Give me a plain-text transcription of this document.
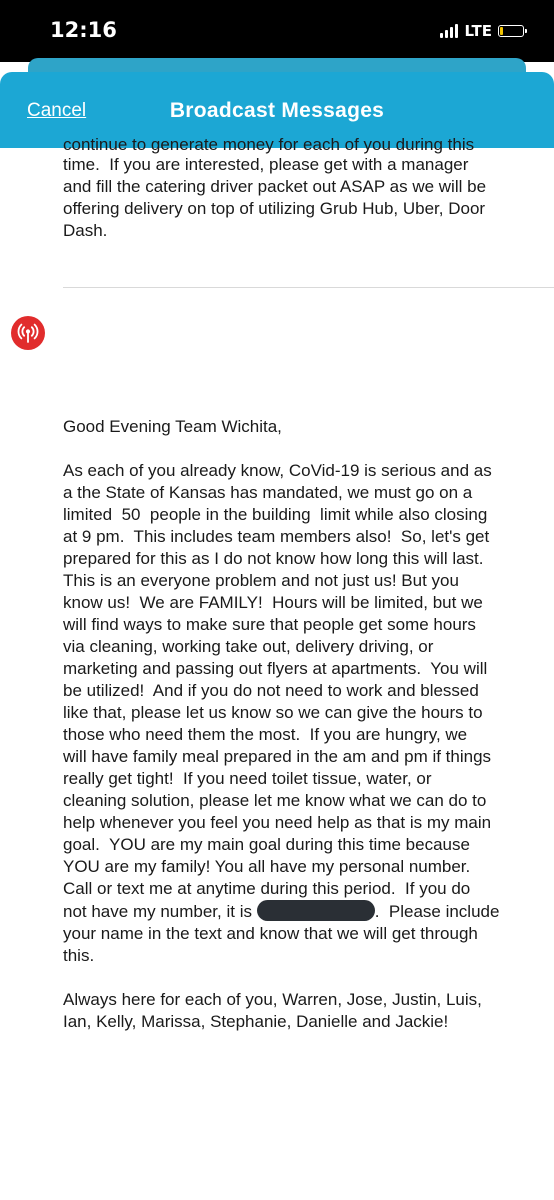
12:16	LTE
Cancel	Broadcast Messages

continue to generate money for each of you during this

time.  If you are interested, please get with a manager
and fill the catering driver packet out ASAP as we will be
offering delivery on top of utilizing Grub Hub, Uber, Door
Dash.

Good Evening Team Wichita,

As each of you already know, CoVid-19 is serious and as
a the State of Kansas has mandated, we must go on a
limited  50  people in the building  limit while also closing
at 9 pm.  This includes team members also!  So, let's get
prepared for this as I do not know how long this will last.
This is an everyone problem and not just us! But you
know us!  We are FAMILY!  Hours will be limited, but we
will find ways to make sure that people get some hours
via cleaning, working take out, delivery driving, or
marketing and passing out flyers at apartments.  You will
be utilized!  And if you do not need to work and blessed
like that, please let us know so we can give the hours to
those who need them the most.  If you are hungry, we
will have family meal prepared in the am and pm if things
really get tight!  If you need toilet tissue, water, or
cleaning solution, please let me know what we can do to
help whenever you feel you need help as that is my main
goal.  YOU are my main goal during this time because
YOU are my family! You all have my personal number.
Call or text me at anytime during this period.  If you do
not have my number, it is	.  Please include
your name in the text and know that we will get through
this.

Always here for each of you, Warren, Jose, Justin, Luis,
Ian, Kelly, Marissa, Stephanie, Danielle and Jackie!
